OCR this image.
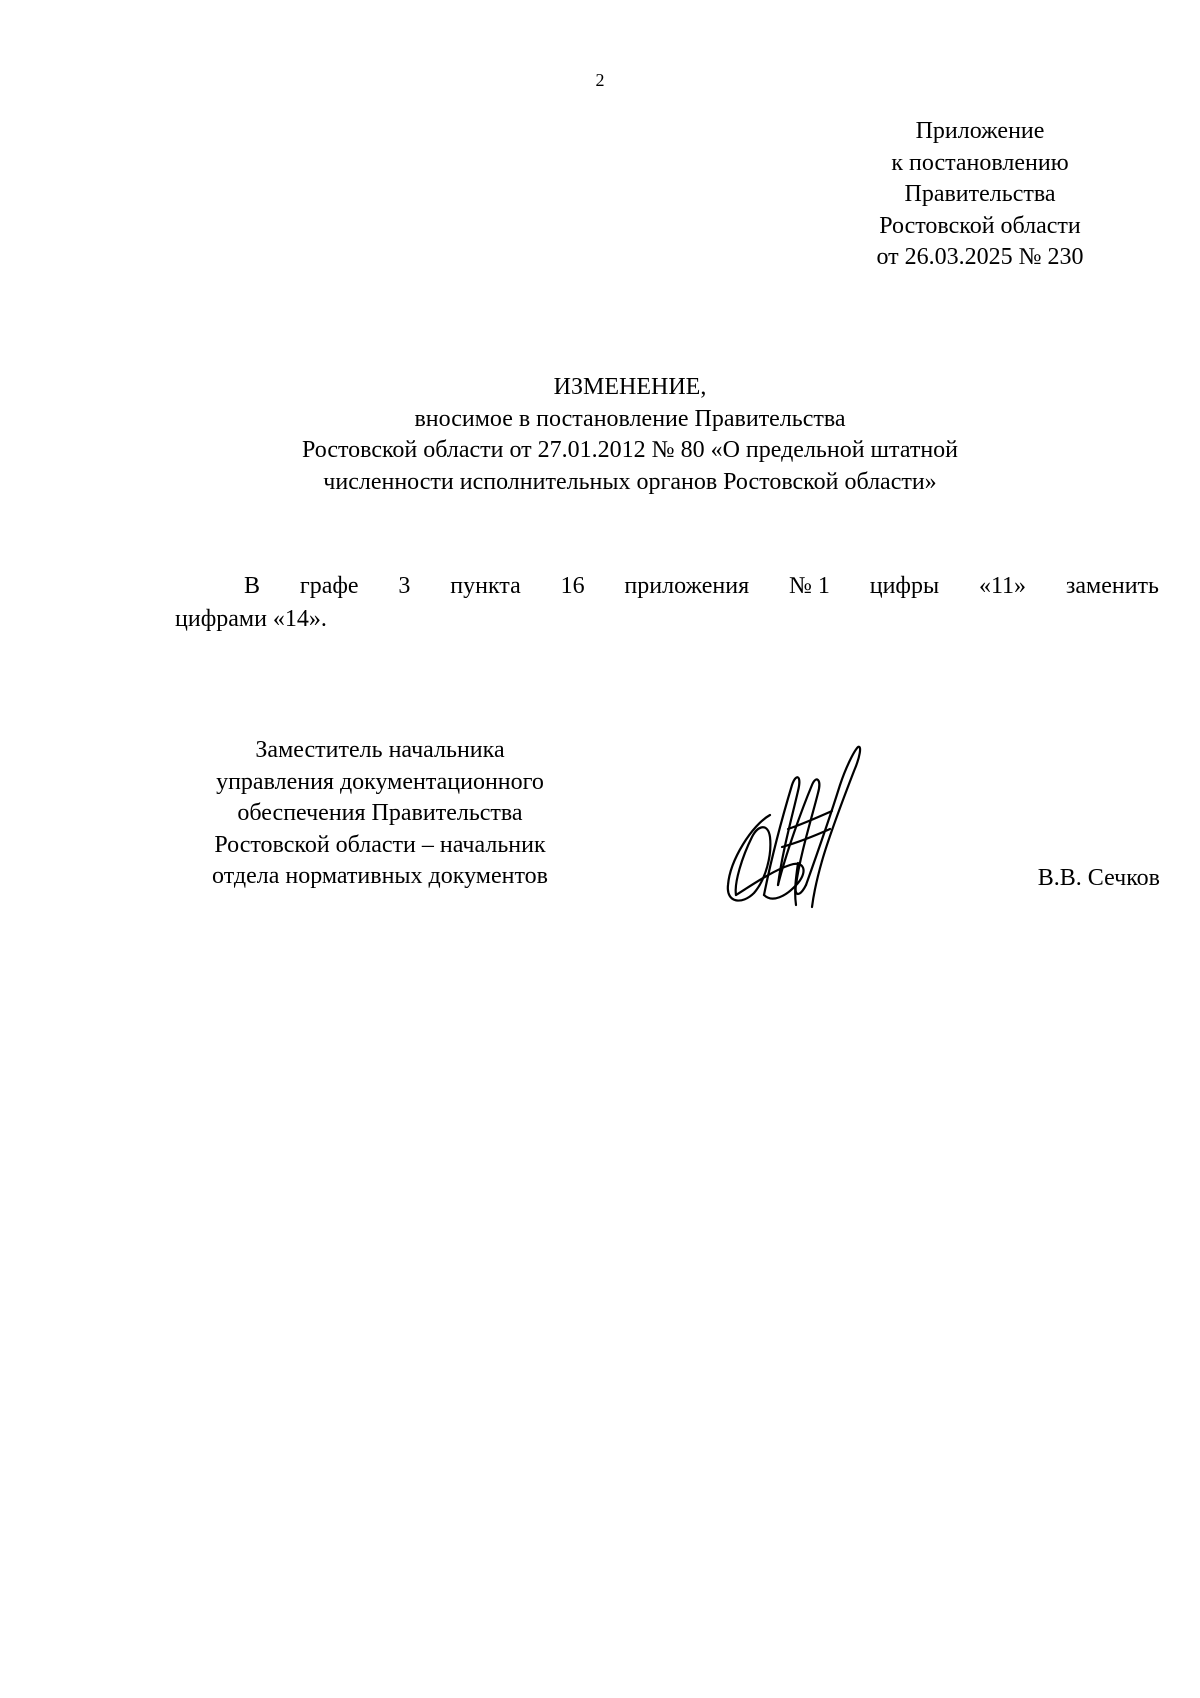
2
Приложение
к постановлению
Правительства
Ростовской области
от 26.03.2025 № 230
ИЗМЕНЕНИЕ,
вносимое в постановление Правительства
Ростовской области от 27.01.2012 № 80 «О предельной штатной
численности исполнительных органов Ростовской области»
В графе 3 пункта 16 приложения № 1 цифры «11» заменить
цифрами «14».
Заместитель начальника
управления документационного
обеспечения Правительства
Ростовской области – начальник
отдела нормативных документов	В.В. Сечков
